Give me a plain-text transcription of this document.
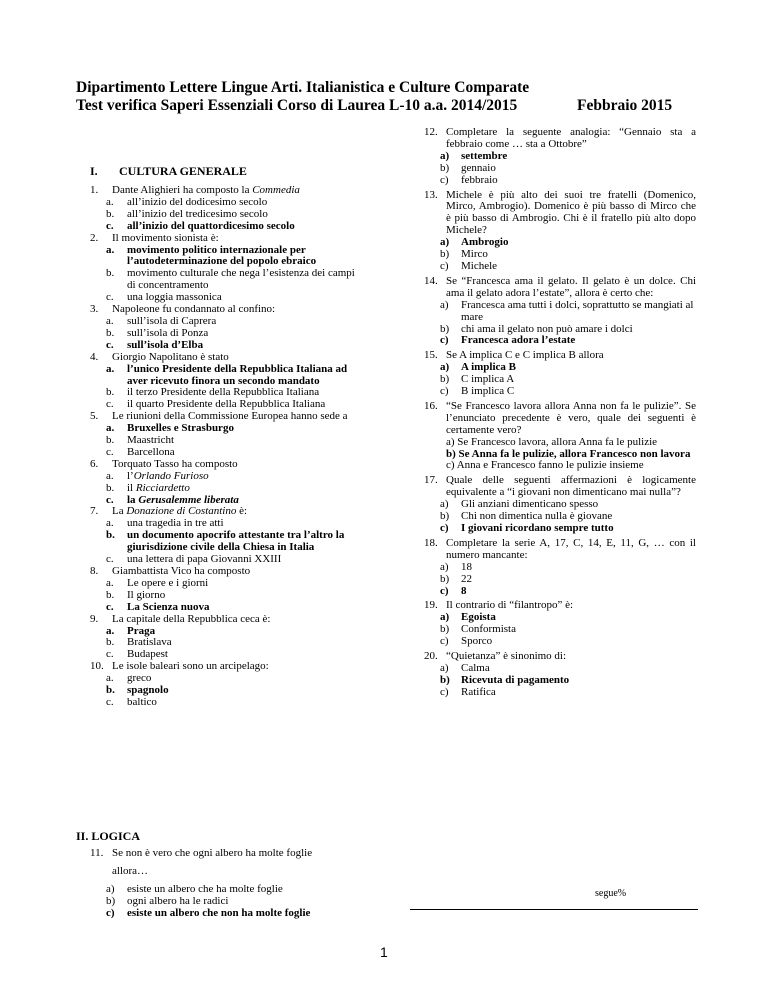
Dipartimento Lettere Lingue Arti. Italianistica e Culture Comparate
Test verifica Saperi Essenziali Corso di Laurea L-10 a.a. 2014/2015	Febbraio 2015
I. CULTURA GENERALE
1. Dante Alighieri ha composto la Commedia
a. all’inizio del dodicesimo secolo
b. all’inizio del tredicesimo secolo
c. all’inizio del quattordicesimo secolo
2. Il movimento sionista è:
a. movimento politico internazionale per l’autodeterminazione del popolo ebraico
b. movimento culturale che nega l’esistenza dei campi di concentramento
c. una loggia massonica
3. Napoleone fu condannato al confino:
a. sull’isola di Caprera
b. sull’isola di Ponza
c. sull’isola d’Elba
4. Giorgio Napolitano è stato
a. l’unico Presidente della Repubblica Italiana ad aver ricevuto finora un secondo mandato
b. il terzo Presidente della Repubblica Italiana
c. il quarto Presidente della Repubblica Italiana
5. Le riunioni della Commissione Europea hanno sede a
a. Bruxelles e Strasburgo
b. Maastricht
c. Barcellona
6. Torquato Tasso ha composto
a. l’Orlando Furioso
b. il Ricciardetto
c. la Gerusalemme liberata
7. La Donazione di Costantino è:
a. una tragedia in tre atti
b. un documento apocrifo attestante tra l’altro la giurisdizione civile della Chiesa in Italia
c. una lettera di papa Giovanni XXIII
8. Giambattista Vico ha composto
a. Le opere e i giorni
b. Il giorno
c. La Scienza nuova
9. La capitale della Repubblica ceca è:
a. Praga
b. Bratislava
c. Budapest
10. Le isole baleari sono un arcipelago:
a. greco
b. spagnolo
c. baltico
II. LOGICA
11. Se non è vero che ogni albero ha molte foglie
allora…
a) esiste un albero che ha molte foglie
b) ogni albero ha le radici
c) esiste un albero che non ha molte foglie
12. Completare la seguente analogia: “Gennaio sta a febbraio come … sta a Ottobre”
a) settembre
b) gennaio
c) febbraio
13. Michele è più alto dei suoi tre fratelli (Domenico, Mirco, Ambrogio). Domenico è più basso di Mirco che è più basso di Ambrogio. Chi è il fratello più alto dopo Michele?
a) Ambrogio
b) Mirco
c) Michele
14. Se “Francesca ama il gelato. Il gelato è un dolce. Chi ama il gelato adora l’estate”, allora è certo che:
a) Francesca ama tutti i dolci, soprattutto se mangiati al mare
b) chi ama il gelato non può amare i dolci
c) Francesca adora l’estate
15. Se A implica C e C implica B allora
a) A implica B
b) C implica A
c) B implica C
16. “Se Francesco lavora allora Anna non fa le pulizie”. Se l’enunciato precedente è vero, quale dei seguenti è certamente vero?
a) Se Francesco lavora, allora Anna fa le pulizie
b) Se Anna fa le pulizie, allora Francesco non lavora
c) Anna e Francesco fanno le pulizie insieme
17. Quale delle seguenti affermazioni è logicamente equivalente a “i giovani non dimenticano mai nulla”?
a) Gli anziani dimenticano spesso
b) Chi non dimentica nulla è giovane
c) I giovani ricordano sempre tutto
18. Completare la serie A, 17, C, 14, E, 11, G, … con il numero mancante:
a) 18
b) 22
c) 8
19. Il contrario di “filantropo” è:
a) Egoista
b) Conformista
c) Sporco
20. “Quietanza” è sinonimo di:
a) Calma
b) Ricevuta di pagamento
c) Ratifica
segue%
1
